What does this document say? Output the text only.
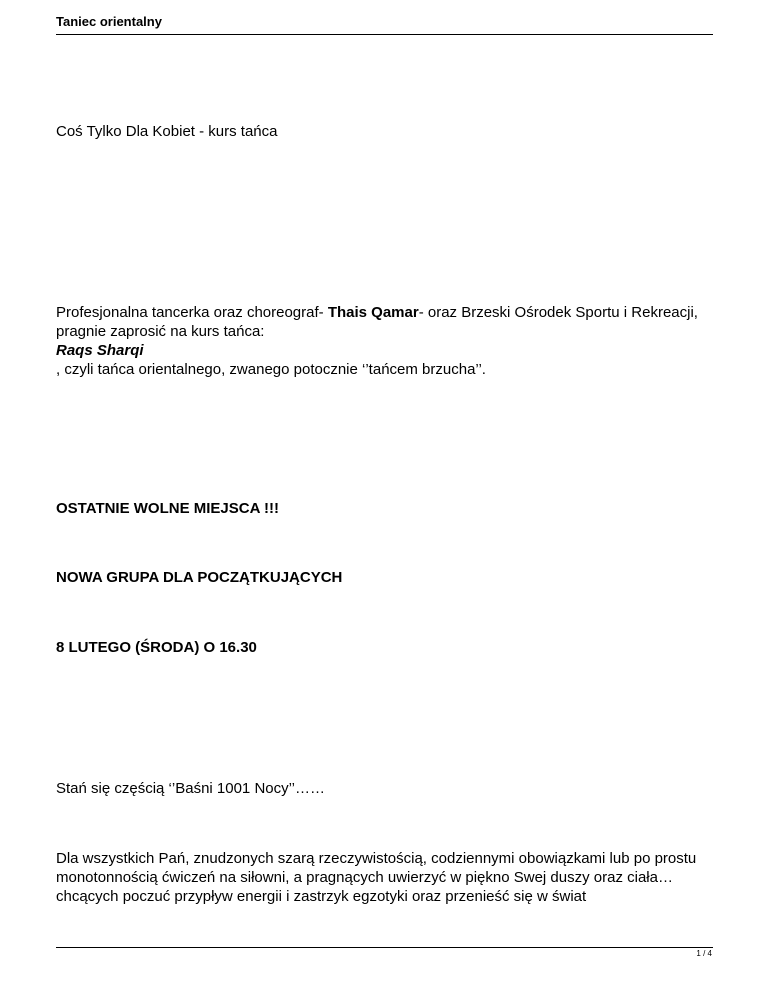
Taniec orientalny

Coś Tylko Dla Kobiet - kurs tańca

Profesjonalna tancerka oraz choreograf- Thais Qamar- oraz Brzeski Ośrodek Sportu i Rekreacji, pragnie zaprosić na kurs tańca:
Raqs Sharqi
, czyli tańca orientalnego, zwanego potocznie ‘’tańcem brzucha’’.

OSTATNIE WOLNE MIEJSCA !!!

NOWA GRUPA DLA POCZĄTKUJĄCYCH

8 LUTEGO (ŚRODA) O 16.30

Stań się częścią ‘’Baśni 1001 Nocy’’……

Dla wszystkich Pań, znudzonych szarą rzeczywistością, codziennymi obowiązkami lub po prostu monotonnością ćwiczeń na siłowni, a pragnących uwierzyć w piękno Swej duszy oraz ciała… chcących poczuć przypływ energii i zastrzyk egzotyki oraz przenieść się w świat

1 / 4
